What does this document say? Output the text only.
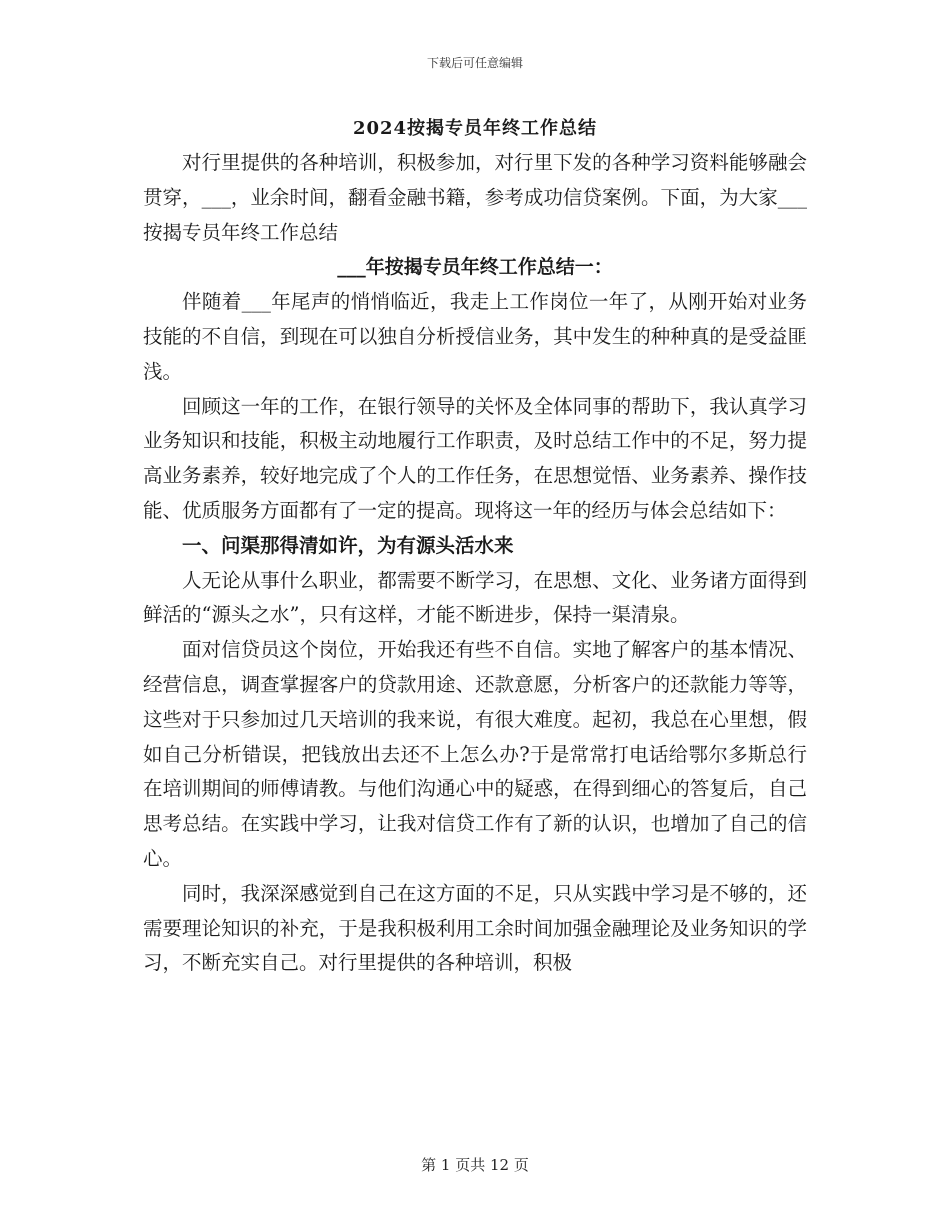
下载后可任意编辑
2024按揭专员年终工作总结

对行里提供的各种培训，积极参加，对行里下发的各种学习资料能够融会贯穿，___，业余时间，翻看金融书籍，参考成功信贷案例。下面，为大家___按揭专员年终工作总结

___年按揭专员年终工作总结一：

伴随着___年尾声的悄悄临近，我走上工作岗位一年了，从刚开始对业务技能的不自信，到现在可以独自分析授信业务，其中发生的种种真的是受益匪浅。

回顾这一年的工作，在银行领导的关怀及全体同事的帮助下，我认真学习业务知识和技能，积极主动地履行工作职责，及时总结工作中的不足，努力提高业务素养，较好地完成了个人的工作任务，在思想觉悟、业务素养、操作技能、优质服务方面都有了一定的提高。现将这一年的经历与体会总结如下：

一、问渠那得清如许，为有源头活水来

人无论从事什么职业，都需要不断学习，在思想、文化、业务诸方面得到鲜活的“源头之水”，只有这样，才能不断进步，保持一渠清泉。

面对信贷员这个岗位，开始我还有些不自信。实地了解客户的基本情况、经营信息，调查掌握客户的贷款用途、还款意愿，分析客户的还款能力等等，这些对于只参加过几天培训的我来说，有很大难度。起初，我总在心里想，假如自己分析错误，把钱放出去还不上怎么办?于是常常打电话给鄂尔多斯总行在培训期间的师傅请教。与他们沟通心中的疑惑，在得到细心的答复后，自己思考总结。在实践中学习，让我对信贷工作有了新的认识，也增加了自己的信心。

同时，我深深感觉到自己在这方面的不足，只从实践中学习是不够的，还需要理论知识的补充，于是我积极利用工余时间加强金融理论及业务知识的学习，不断充实自己。对行里提供的各种培训，积极

第 1 页共 12 页
